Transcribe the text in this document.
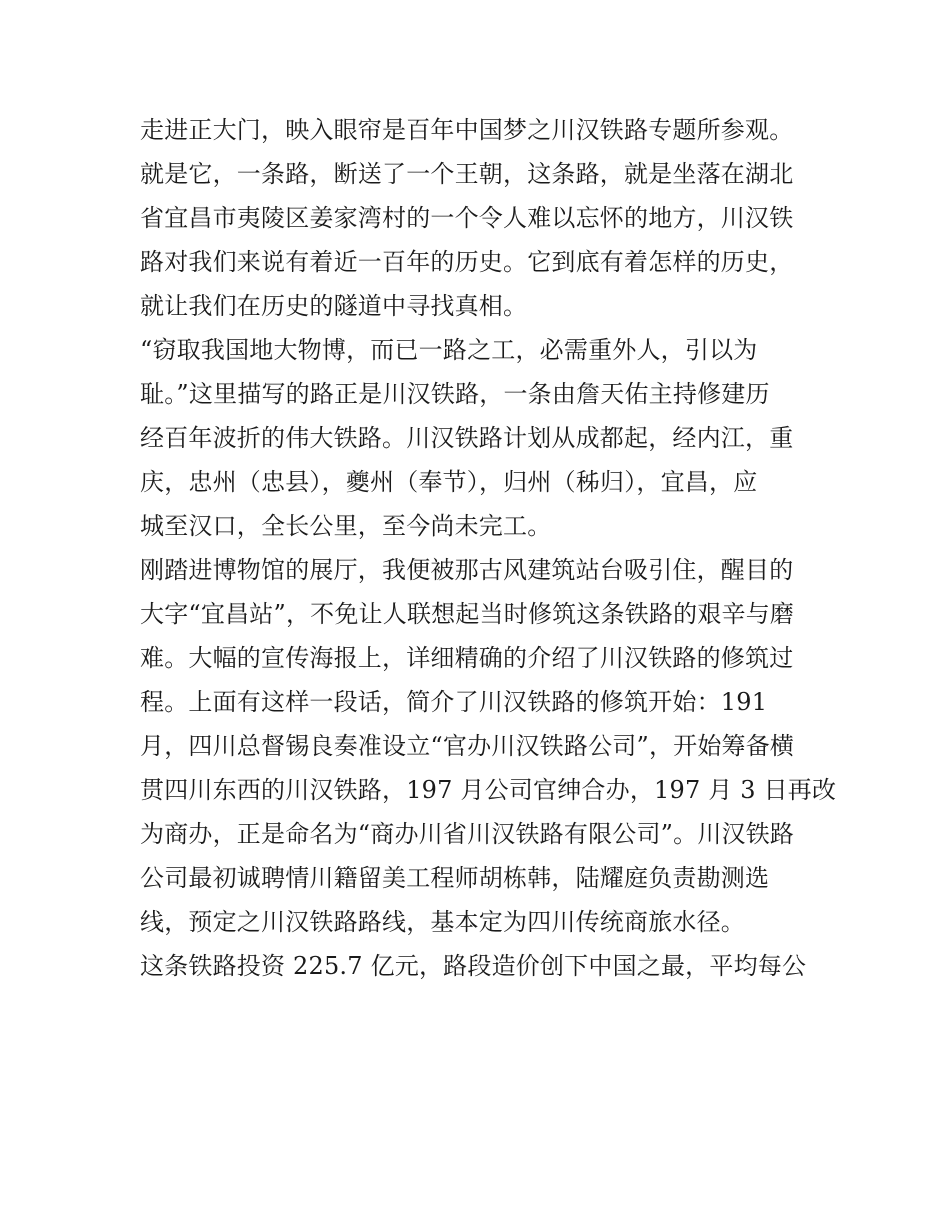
走进正大门，映入眼帘是百年中国梦之川汉铁路专题所参观。
就是它，一条路，断送了一个王朝，这条路，就是坐落在湖北
省宜昌市夷陵区姜家湾村的一个令人难以忘怀的地方，川汉铁
路对我们来说有着近一百年的历史。它到底有着怎样的历史，
就让我们在历史的隧道中寻找真相。
“窃取我国地大物博，而已一路之工，必需重外人，引以为
耻。”这里描写的路正是川汉铁路，一条由詹天佑主持修建历
经百年波折的伟大铁路。川汉铁路计划从成都起，经内江，重
庆，忠州（忠县），夔州（奉节），归州（秭归），宜昌，应
城至汉口，全长公里，至今尚未完工。
刚踏进博物馆的展厅，我便被那古风建筑站台吸引住，醒目的
大字“宜昌站”，不免让人联想起当时修筑这条铁路的艰辛与磨
难。大幅的宣传海报上，详细精确的介绍了川汉铁路的修筑过
程。上面有这样一段话，简介了川汉铁路的修筑开始：191
月，四川总督锡良奏准设立“官办川汉铁路公司”，开始筹备横
贯四川东西的川汉铁路，197 月公司官绅合办，197 月 3 日再改
为商办，正是命名为“商办川省川汉铁路有限公司”。川汉铁路
公司最初诚聘情川籍留美工程师胡栋韩，陆耀庭负责勘测选
线，预定之川汉铁路路线，基本定为四川传统商旅水径。
这条铁路投资 225.7 亿元，路段造价创下中国之最，平均每公
